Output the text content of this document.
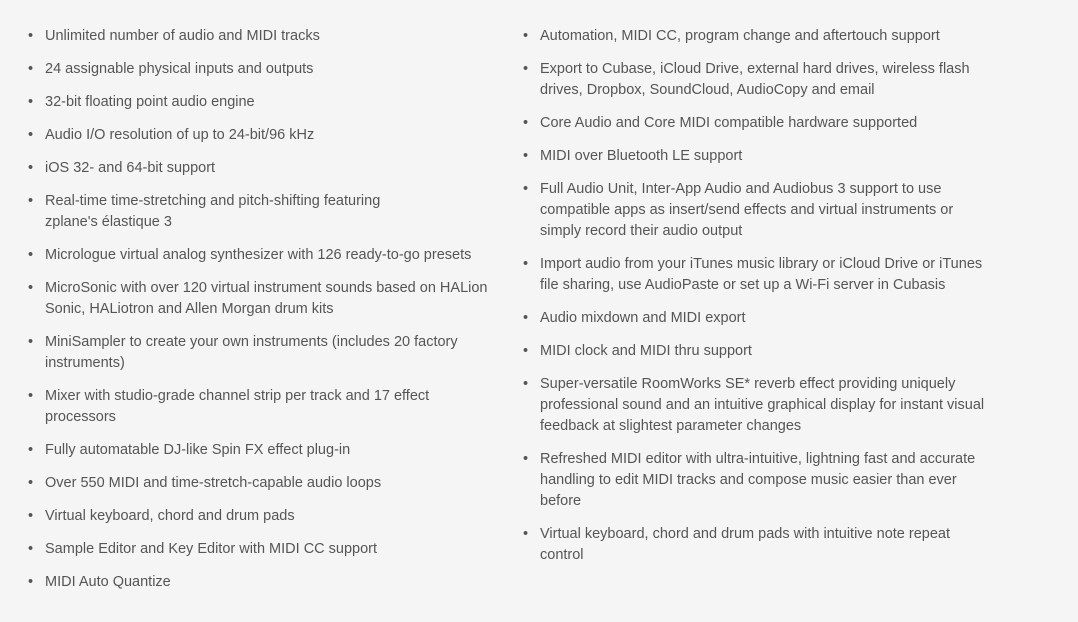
• Unlimited number of audio and MIDI tracks
• 24 assignable physical inputs and outputs
• 32-bit floating point audio engine
• Audio I/O resolution of up to 24-bit/96 kHz
• iOS 32- and 64-bit support
• Real-time time-stretching and pitch-shifting featuring zplane's élastique 3
• Micrologue virtual analog synthesizer with 126 ready-to-go presets
• MicroSonic with over 120 virtual instrument sounds based on HALion Sonic, HALiotron and Allen Morgan drum kits
• MiniSampler to create your own instruments (includes 20 factory instruments)
• Mixer with studio-grade channel strip per track and 17 effect processors
• Fully automatable DJ-like Spin FX effect plug-in
• Over 550 MIDI and time-stretch-capable audio loops
• Virtual keyboard, chord and drum pads
• Sample Editor and Key Editor with MIDI CC support
• MIDI Auto Quantize
• Automation, MIDI CC, program change and aftertouch support
• Export to Cubase, iCloud Drive, external hard drives, wireless flash drives, Dropbox, SoundCloud, AudioCopy and email
• Core Audio and Core MIDI compatible hardware supported
• MIDI over Bluetooth LE support
• Full Audio Unit, Inter-App Audio and Audiobus 3 support to use compatible apps as insert/send effects and virtual instruments or simply record their audio output
• Import audio from your iTunes music library or iCloud Drive or iTunes file sharing, use AudioPaste or set up a Wi-Fi server in Cubasis
• Audio mixdown and MIDI export
• MIDI clock and MIDI thru support
• Super-versatile RoomWorks SE* reverb effect providing uniquely professional sound and an intuitive graphical display for instant visual feedback at slightest parameter changes
• Refreshed MIDI editor with ultra-intuitive, lightning fast and accurate handling to edit MIDI tracks and compose music easier than ever before
• Virtual keyboard, chord and drum pads with intuitive note repeat control
